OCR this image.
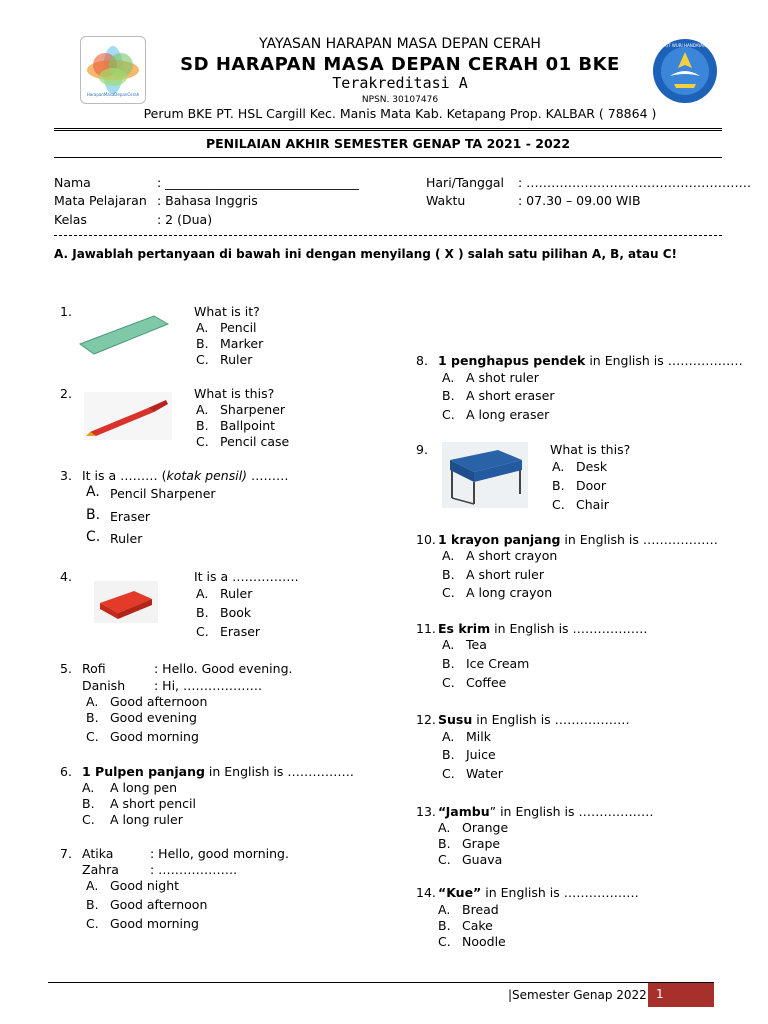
HarapanMasaDepanCerah
TUT WURI HANDAYANI
YAYASAN HARAPAN MASA DEPAN CERAH
SD HARAPAN MASA DEPAN CERAH 01 BKE
Terakreditasi A
NPSN. 30107476
Perum BKE PT. HSL Cargill Kec. Manis Mata Kab. Ketapang Prop. KALBAR ( 78864 )
PENILAIAN AKHIR SEMESTER GENAP TA 2021 - 2022
Nama	: _______________________________
Mata Pelajaran : Bahasa Inggris
Kelas	: 2 (Dua)
Hari/Tanggal : ………………………………………………
Waktu	: 07.30 – 09.00 WIB
A. Jawablah pertanyaan di bawah ini dengan menyilang ( X ) salah satu pilihan A, B, atau C!
1.	What is it?
A. Pencil
B. Marker
C. Ruler
2.	What is this?
A. Sharpener
B. Ballpoint
C. Pencil case
3. It is a ……… (kotak pensil) ………
A. Pencil Sharpener
B. Eraser
C. Ruler
4.	It is a …………….
A. Ruler
B. Book
C. Eraser
5. Rofi	: Hello. Good evening.
Danish : Hi, ……………….
A. Good afternoon
B. Good evening
C. Good morning
6. 1 Pulpen panjang in English is …………….
A. A long pen
B. A short pencil
C. A long ruler
7. Atika	: Hello, good morning.
Zahra : ……………….
A. Good night
B. Good afternoon
C. Good morning
8. 1 penghapus pendek in English is ………………
A. A shot ruler
B. A short eraser
C. A long eraser
9.	What is this?
A. Desk
B. Door
C. Chair
10. 1 krayon panjang in English is ………………
A. A short crayon
B. A short ruler
C. A long crayon
11. Es krim in English is ………………
A. Tea
B. Ice Cream
C. Coffee
12. Susu in English is ………………
A. Milk
B. Juice
C. Water
13. “Jambu” in English is ………………
A. Orange
B. Grape
C. Guava
14. “Kue” in English is ………………
A. Bread
B. Cake
C. Noodle
|Semester Genap 2022 1
